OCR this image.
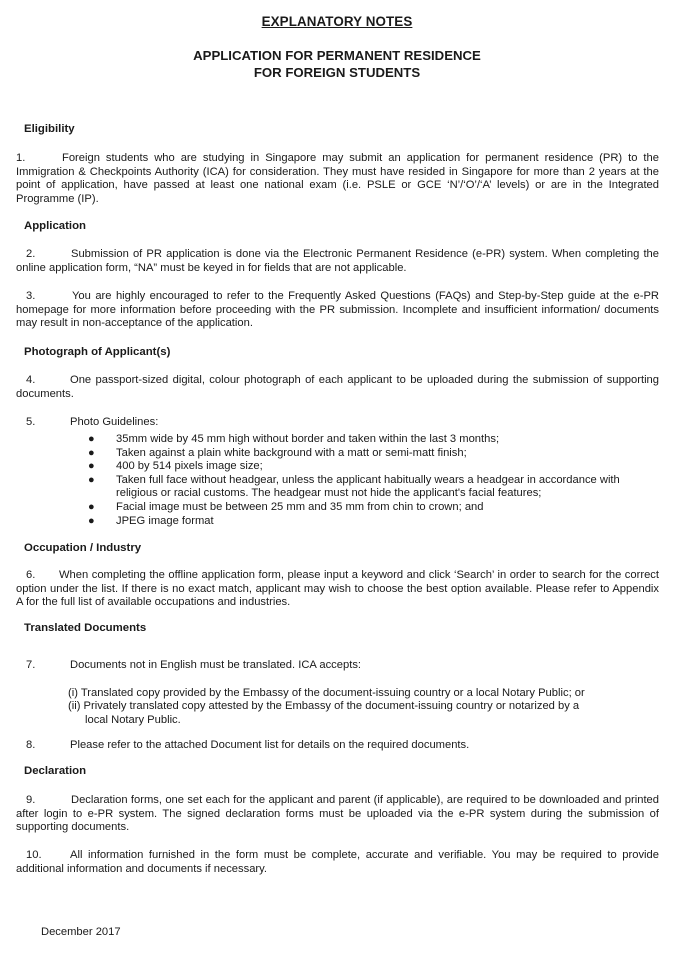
EXPLANATORY NOTES
APPLICATION FOR PERMANENT RESIDENCE
FOR FOREIGN STUDENTS
Eligibility
1.	Foreign students who are studying in Singapore may submit an application for permanent residence (PR) to the Immigration & Checkpoints Authority (ICA) for consideration. They must have resided in Singapore for more than 2 years at the point of application, have passed at least one national exam (i.e. PSLE or GCE ‘N’/‘O’/‘A’ levels) or are in the Integrated Programme (IP).
Application
2.	Submission of PR application is done via the Electronic Permanent Residence (e-PR) system. When completing the online application form, “NA” must be keyed in for fields that are not applicable.
3.	You are highly encouraged to refer to the Frequently Asked Questions (FAQs) and Step-by-Step guide at the e-PR homepage for more information before proceeding with the PR submission. Incomplete and insufficient information/ documents may result in non-acceptance of the application.
Photograph of Applicant(s)
4.	One passport-sized digital, colour photograph of each applicant to be uploaded during the submission of supporting documents.
5.	Photo Guidelines:
● 35mm wide by 45 mm high without border and taken within the last 3 months;
● Taken against a plain white background with a matt or semi-matt finish;
● 400 by 514 pixels image size;
● Taken full face without headgear, unless the applicant habitually wears a headgear in accordance with religious or racial customs. The headgear must not hide the applicant's facial features;
● Facial image must be between 25 mm and 35 mm from chin to crown; and
● JPEG image format
Occupation / Industry
6. When completing the offline application form, please input a keyword and click ‘Search’ in order to search for the correct option under the list. If there is no exact match, applicant may wish to choose the best option available. Please refer to Appendix A for the full list of available occupations and industries.
Translated Documents
7.	Documents not in English must be translated. ICA accepts:
(i) Translated copy provided by the Embassy of the document-issuing country or a local Notary Public; or
(ii) Privately translated copy attested by the Embassy of the document-issuing country or notarized by a
local Notary Public.
8.	Please refer to the attached Document list for details on the required documents.
Declaration
9.	Declaration forms, one set each for the applicant and parent (if applicable), are required to be downloaded and printed after login to e-PR system. The signed declaration forms must be uploaded via the e-PR system during the submission of supporting documents.
10.	All information furnished in the form must be complete, accurate and verifiable. You may be required to provide additional information and documents if necessary.
December 2017
